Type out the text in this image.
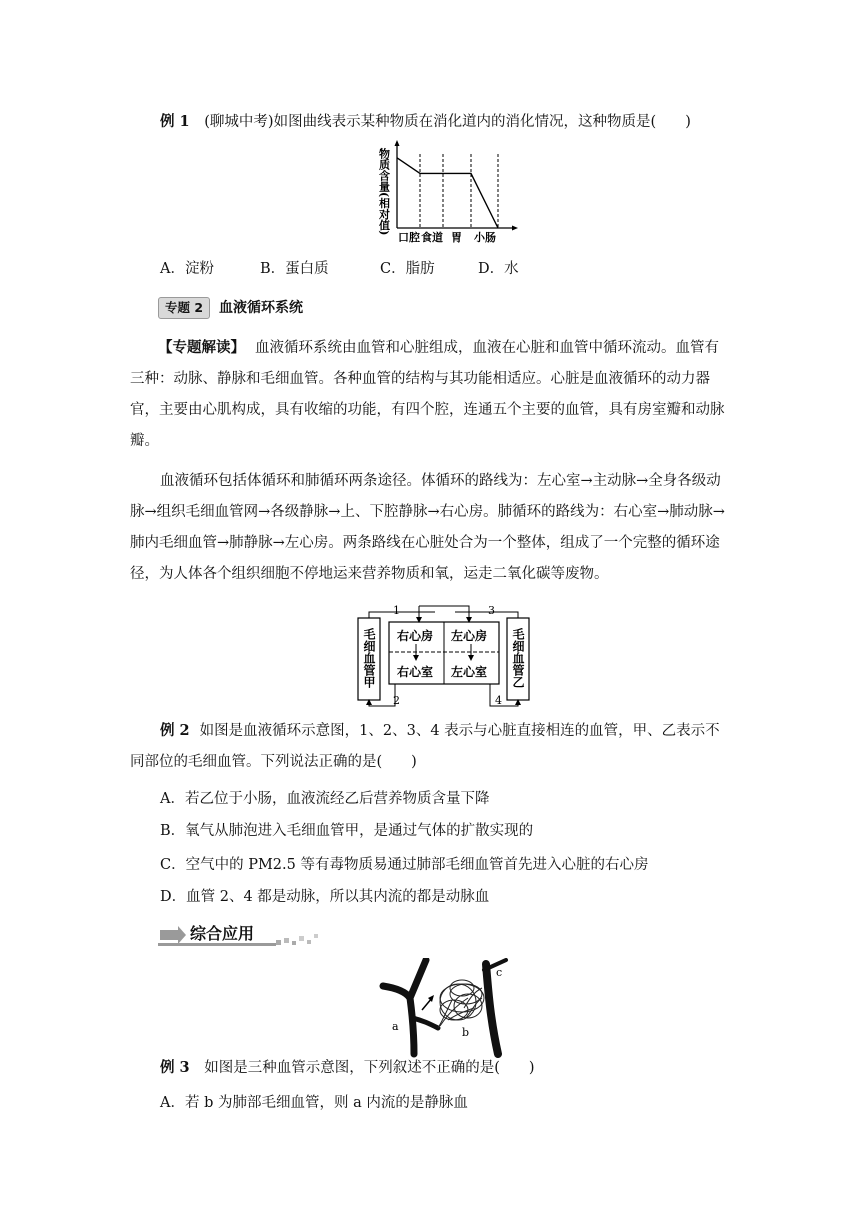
例 1 (聊城中考)如图曲线表示某种物质在消化道内的消化情况，这种物质是(　　)
物质含量(相对值)
口腔 食道 胃 小肠
A．淀粉	B．蛋白质	C．脂肪	D．水
专题 2	血液循环系统
【专题解读】 血液循环系统由血管和心脏组成，血液在心脏和血管中循环流动。血管有三种：动脉、静脉和毛细血管。各种血管的结构与其功能相适应。心脏是血液循环的动力器官，主要由心肌构成，具有收缩的功能，有四个腔，连通五个主要的血管，具有房室瓣和动脉瓣。
血液循环包括体循环和肺循环两条途径。体循环的路线为：左心室→主动脉→全身各级动脉→组织毛细血管网→各级静脉→上、下腔静脉→右心房。肺循环的路线为：右心室→肺动脉→肺内毛细血管→肺静脉→左心房。两条路线在心脏处合为一个整体，组成了一个完整的循环途径，为人体各个组织细胞不停地运来营养物质和氧，运走二氧化碳等废物。
毛细血管甲	毛细血管乙
右心房 左心房
右心室 左心室
1
2
3
4
例 2 如图是血液循环示意图，1、2、3、4 表示与心脏直接相连的血管，甲、乙表示不同部位的毛细血管。下列说法正确的是(　　)
A．若乙位于小肠，血液流经乙后营养物质含量下降
B．氧气从肺泡进入毛细血管甲，是通过气体的扩散实现的
C．空气中的 PM2.5 等有毒物质易通过肺部毛细血管首先进入心脏的右心房
D．血管 2、4 都是动脉，所以其内流的都是动脉血
综合应用
a	b
c
例 3 如图是三种血管示意图，下列叙述不正确的是(　　)
A．若 b 为肺部毛细血管，则 a 内流的是静脉血
